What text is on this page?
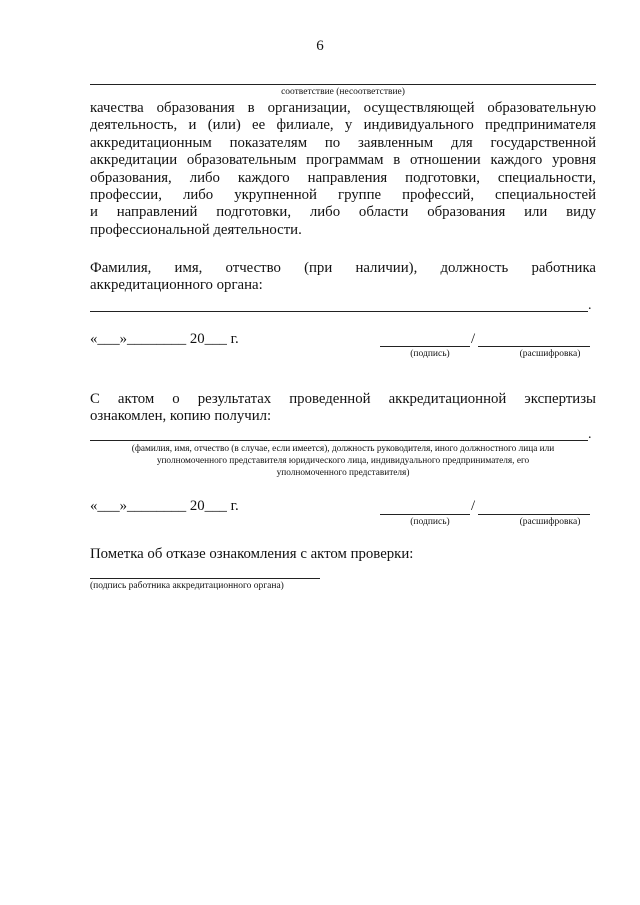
6
соответствие (несоответствие)
качества образования в организации, осуществляющей образовательную
деятельность, и (или) ее филиале, у индивидуального предпринимателя
аккредитационным показателям по заявленным для государственной
аккредитации образовательным программам в отношении каждого уровня
образования, либо каждого направления подготовки, специальности,
профессии, либо укрупненной группе профессий, специальностей
и направлений подготовки, либо области образования или виду
профессиональной деятельности.
Фамилия, имя, отчество (при наличии), должность работника
аккредитационного органа:
.
«___»________ 20___ г.	/
(подпись)	(расшифровка)
С актом о результатах проведенной аккредитационной экспертизы
ознакомлен, копию получил:
.
(фамилия, имя, отчество (в случае, если имеется), должность руководителя, иного должностного лица или
уполномоченного представителя юридического лица, индивидуального предпринимателя, его
уполномоченного представителя)
«___»________ 20___ г.	/
(подпись)	(расшифровка)
Пометка об отказе ознакомления с актом проверки:
(подпись работника аккредитационного органа)
